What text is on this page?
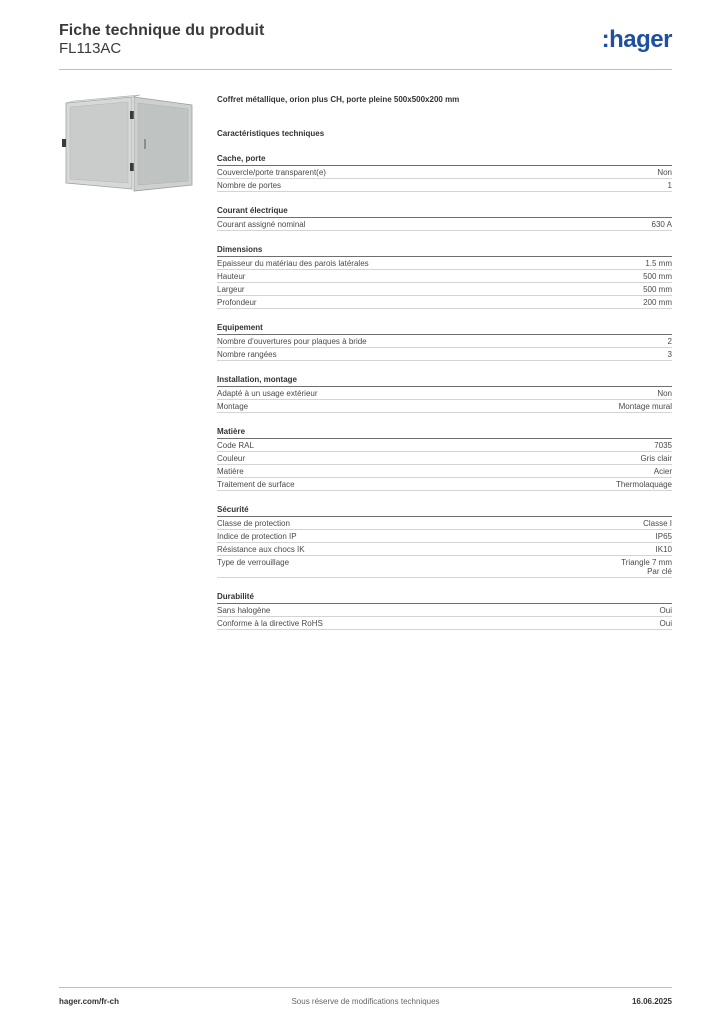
Fiche technique du produit
FL113AC	:hager
Coffret métallique, orion plus CH, porte pleine 500x500x200 mm
Caractéristiques techniques
Cache, porte
Couvercle/porte transparent(e)	Non
Nombre de portes	1
Courant électrique
Courant assigné nominal	630 A
Dimensions
Epaisseur du matériau des parois latérales	1.5 mm
Hauteur	500 mm
Largeur	500 mm
Profondeur	200 mm
Equipement
Nombre d'ouvertures pour plaques à bride	2
Nombre rangées	3
Installation, montage
Adapté à un usage extérieur	Non
Montage	Montage mural
Matière
Code RAL	7035
Couleur	Gris clair
Matière	Acier
Traitement de surface	Thermolaquage
Sécurité
Classe de protection	Classe I
Indice de protection IP	IP65
Résistance aux chocs IK	IK10
Type de verrouillage	Triangle 7 mm
Par clé
Durabilité
Sans halogène	Oui
Conforme à la directive RoHS	Oui
hager.com/fr-ch	Sous réserve de modifications techniques	16.06.2025
